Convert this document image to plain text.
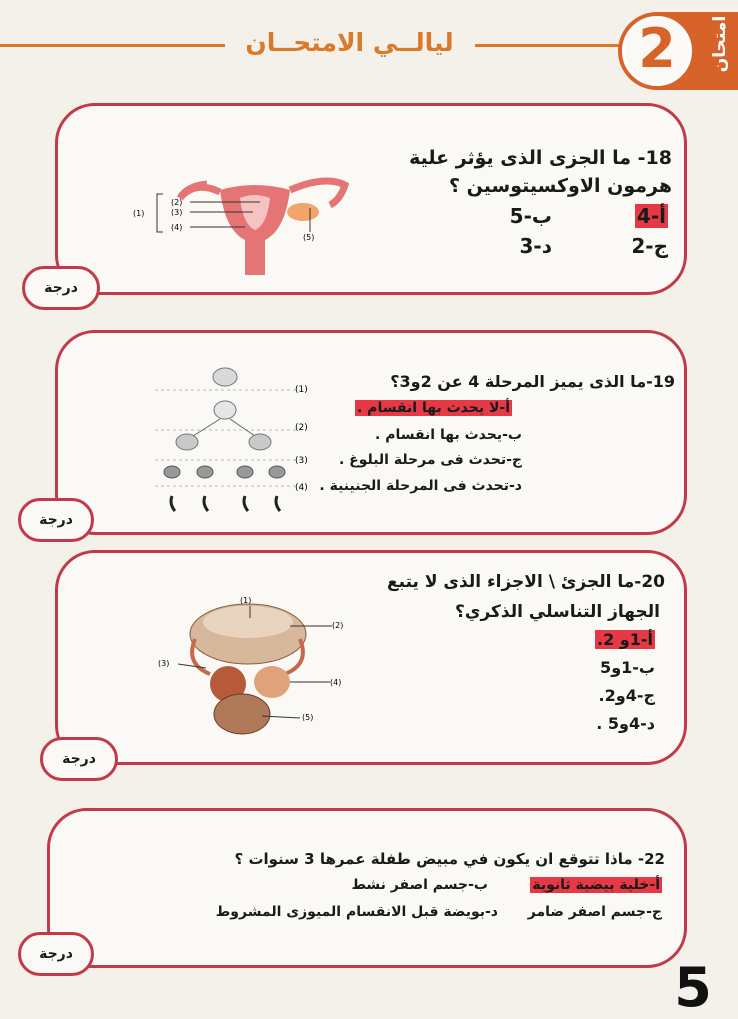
ليالــي الامتحــان	2	امتحان
18- ما الجزى الذى يؤثر علية
هرمون الاوكسيتوسين ؟
أ-4
ب-5
ج-2
د-3
(1)
(2)
(3)
(4)
(5)
درجة
19-ما الذى يميز المرحلة 4 عن 2و3؟
أ-لا يحدث بها انقسام .
ب-يحدث بها انقسام .
ج-تحدث فى مرحلة البلوغ .
د-تحدث فى المرحلة الجنينية .
(1)
(2)
(3)
(4)
درجة
20-ما الجزئ \ الاجزاء الذى لا يتبع
الجهاز التناسلي الذكري؟
أ-1و 2.
ب-1و5
ج-4و2.
د-4و5 .
(1)
(2)
(3)
(4)
(5)
درجة
22- ماذا تتوقع ان يكون في مبيض طفلة عمرها 3 سنوات ؟
أ-خلية بيضية ثانوية
ب-جسم اصفر نشط
ج-جسم اصفر ضامر
د-بويضة قبل الانقسام الميوزى المشروط
درجة
5
